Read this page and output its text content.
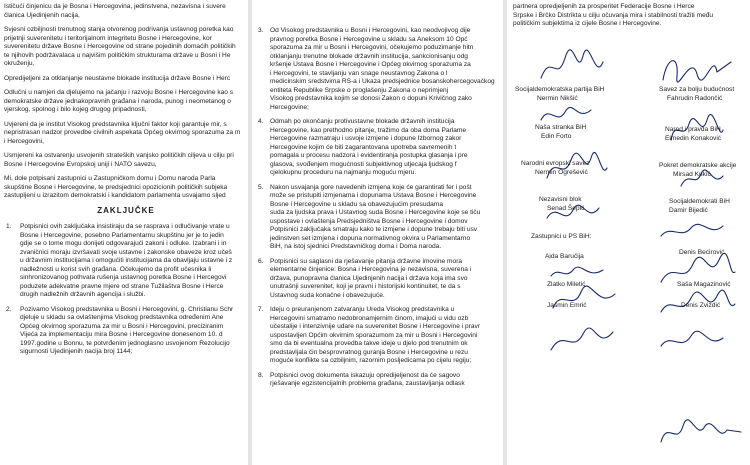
Ističući činjenicu da je Bosna i Hercegovina, jedinstvena, nezavisna i suvere
članica Ujedinjenih nacija,

Svjesni ozbiljnosti trenutnog stanja otvorenog podrivanja ustavnog poretka kao
prijetnji suverenitetu i teritorijalnom integritetu Bosne i Hercegovine, kor
suverenitetu države Bosne i Hercegovine od strane pojedinih domaćih političkih
te njihovih podržavalaca u najvišim političkim strukturama države u Bosni i He
okruženju,

Opredijeljeni za otklanjanje neustavne blokade institucija države Bosne i Herc

Odlučni u namjeri da djelujemo na jačanju i razvoju Bosne i Hercegovine kao s
demokratske države jednakopravnih građana i naroda, punog i neometanog o
vjerskog, spolnog i bilo kojeg drugog pripadnosti,

Uvjereni da je institut Visokog predstavnika ključni faktor koji garantuje mir, s
nepristrasan nadzor provedbe civilnih aspekata Općeg okvirnog sporazuma za m
i Hercegovini,

Usmjereni ka ostvarenju usvojenih strateških vanjsko političkih ciljeva u cilju pri
Bosne i Hercegovine Evropskoj uniji i NATO savezu,

Mi, dole potpisani zastupnici u Zastupničkom domu i Domu naroda Parla
skupštine Bosne i Hercegovine, te predsjednici opozicionih političkih subjeka
zastupljeni u izrazitom demokratski i kandidatom parlamenta usvajamo sljed

ZAKLJUČKE
1. Potpisnici ovih zaključaka insistiraju da se rasprava i odlučivanje vrate u
Bosne i Hercegovine, posebno Parlamentarnu skupštinu jer je to jedin
gdje se o tome mogu donijeti odgovarajući zakoni i odluke. Izabrani i in
zvaničnici moraju izvršavati svoje ustavne i zakonske obaveze kroz učeš
u državnim institucijama i omogućiti institucijama da obavljaju ustavne i z
nadležnosti u korist svih građana. Očekujemo da profit učesnika li
sinhronizovanog pothvata rušenja ustavnog poretka Bosne i Hercegovi
poduzete adekvatne pravne mjere od strane Tužilaštva Bosne i Herce
drugih nadležnih državnih agencija i službi.
2. Pozivamo Visokog predstavnika u Bosni i Hercegovini, g. Christianu Schr
djeluje u skladu sa ovlaštenjima Visokog predstavnika određenim Ane
Općeg okvirnog sporazuma za mir u Bosni i Hercegovini, preciziranim
Vijeća za implementaciju mira Bosne i Hercegovine donesenom 10. d
1997.godine u Bonnu, te potvrđenim jednoglasno usvojenom Rezolucijo
sigurnosti Ujedinjenih nacija broj 1144;
3. Od Visokog predstavnika u Bosni i Hercegovini, kao neodvojivog dije
pravnog poretka Bosne i Hercegovine u skladu sa Aneksom 10 Opć
sporazuma za mir u Bosni i Hercegovini, očekujemo poduzimanje hitn
otklanjanju trenutne blokade državnih institucija, sankcionisanju odg
kršenje Ustava Bosne i Hercegovine i Općeg okvirnog sporazuma za
i Hercegovini, te stavljanju van snage neustavnog Zakona o l
medicinskim sredstvima RS-a i Ukaza predsjednice bosanskohercegovačkog
entiteta Republike Srpske o proglašenju Zakona o neprimjenj
Visokog predstavnika kojim se donosi Zakon o dopuni Krivičnog zako
Hercegovine;
4. Odmah po okončanju protivustavne blokade državnih institucija
Hercegovine, kao prethodno pitanje, tražimo da oba doma Parlame
Hercegovine razmatraju i usvoje izmjene i dopune Izbornog zakor
Hercegovine kojim će biti zagarantovana upotreba savremenih t
pomagala u procesu nadzora i evidentiranja postupka glasanja i pre
glasova, svođenjem mogućnosti subjektivnog utjecaja ljudskog f
cjelokupnu proceduru na najmanju moguću mjeru.
5. Nakon usvajanja gore navedenih izmjena koje će garantirati fer i pošt
može se pristupiti izmjenama i dopunama Ustava Bosne i Hercegovine
Bosne i Hercegovine u skladu sa obavezujućim presudama
suda za ljudska prava i Ustavnog suda Bosne i Hercegovine koje se tiču
uspostave i ovlaštenja Predsjedništva Bosne i Hercegovine i domov
Potpisnici zaključaka smatraju kako te izmjene i dopune trebaju biti usv
jedinstven set izmjena i dopuna normativnog okvira u Parlamentarno
BiH, na istoj sjednici Predstavničkog doma i Doma naroda.
6. Potpisnici su saglasni da rješavanje pitanja državne imovine mora
elementarne činjenice: Bosna i Hercegovina je nezavisna, suverena i
država, punopravna članica Ujedinjenih nacija i država koja ima svo
unutrašnji suverenitet, koji je pravni i historijski kontinuitet, te da s
Ustavnog suda konačne i obavezujuće.
7. Ideju o preuranjenom zatvaranju Ureda Visokog predstavnika u
Hercegovini smatramo nedobronamjernim činom, imajući u vidu ozb
učestalije i intenzivnije udare na suverenitet Bosne i Hercegovine i pravr
uspostavljen Općim okvirnim sporazumom za mir u Bosni i Hercegovini
smo da bi eventualna provedba takve ideje u djelo pod trenutnim ok
predstavljala čin besprovratnog guranja Bosne i Hercegovine u rezu
moguće konflikte sa ozbiljnim, razornim posljedicama po cijelu regiju;
8. Potpisnici ovog dokumenta iskazuju opredijeljenost da će sagovo
rješavanje egzistencijalnih problema građana, zaustavljanja odlask
partnera opredjeljenih za prosperitet Federacije Bosne i Herce
Srpske i Brčko Distrikta u cilju očuvanja mira i stabilnosti tražiti među
političkim subjektima iz cijele Bosne i Hercegovine.
Socijaldemokratska partija BiH
Nermin Nikšić
Savez za bolju budućnost
Fahrudin Radončić
Naša stranka BiH
Edin Forto
Narod i pravda BiH
Elmedin Konaković
Narodni evropski savez
Nermin Ogrešević
Pokret demokratske akcije
Mirsad Kukić
Nezavisni blok
Senad Šepić
Socijaldemokrati BiH
Damir Bijedić
Zastupnici u PS BiH:
Aida Baručija
Zlatko Miletić
Jasmin Emrić
Denis Bećirović
Saša Magazinović
Denis Zvizdić
